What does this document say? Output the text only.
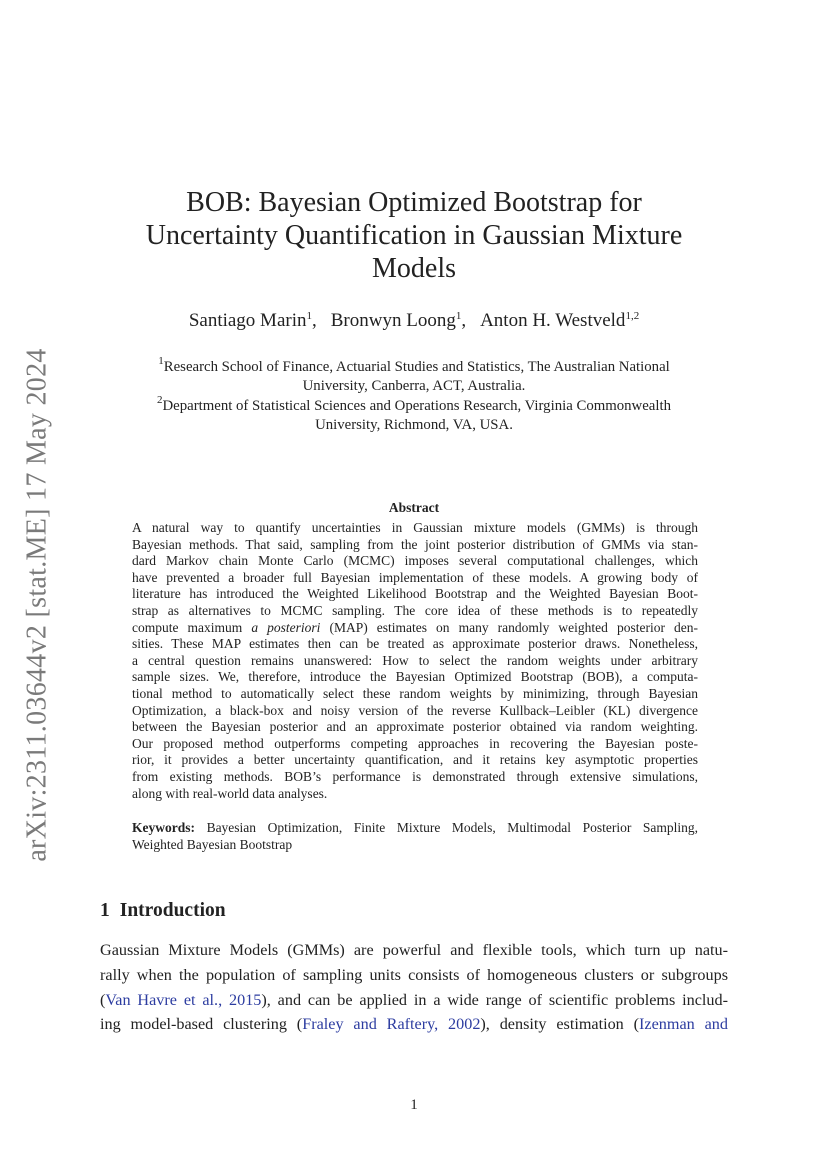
arXiv:2311.03644v2 [stat.ME] 17 May 2024
BOB: Bayesian Optimized Bootstrap for
Uncertainty Quantification in Gaussian Mixture
Models
Santiago Marin$^1$, Bronwyn Loong$^1$, Anton H. Westveld$^{1,2}$
$^1$Research School of Finance, Actuarial Studies and Statistics, The Australian National
University, Canberra, ACT, Australia.
$^2$Department of Statistical Sciences and Operations Research, Virginia Commonwealth
University, Richmond, VA, USA.
Abstract
A natural way to quantify uncertainties in Gaussian mixture models (GMMs) is through
Bayesian methods. That said, sampling from the joint posterior distribution of GMMs via stan-
dard Markov chain Monte Carlo (MCMC) imposes several computational challenges, which
have prevented a broader full Bayesian implementation of these models. A growing body of
literature has introduced the Weighted Likelihood Bootstrap and the Weighted Bayesian Boot-
strap as alternatives to MCMC sampling. The core idea of these methods is to repeatedly
compute maximum a posteriori (MAP) estimates on many randomly weighted posterior den-
sities. These MAP estimates then can be treated as approximate posterior draws. Nonetheless,
a central question remains unanswered: How to select the random weights under arbitrary
sample sizes. We, therefore, introduce the Bayesian Optimized Bootstrap (BOB), a computa-
tional method to automatically select these random weights by minimizing, through Bayesian
Optimization, a black-box and noisy version of the reverse Kullback–Leibler (KL) divergence
between the Bayesian posterior and an approximate posterior obtained via random weighting.
Our proposed method outperforms competing approaches in recovering the Bayesian poste-
rior, it provides a better uncertainty quantification, and it retains key asymptotic properties
from existing methods. BOB’s performance is demonstrated through extensive simulations,
along with real-world data analyses.
Keywords: Bayesian Optimization, Finite Mixture Models, Multimodal Posterior Sampling,
Weighted Bayesian Bootstrap
1 Introduction
Gaussian Mixture Models (GMMs) are powerful and flexible tools, which turn up natu-
rally when the population of sampling units consists of homogeneous clusters or subgroups
(Van Havre et al., 2015), and can be applied in a wide range of scientific problems includ-
ing model-based clustering (Fraley and Raftery, 2002), density estimation (Izenman and
1
